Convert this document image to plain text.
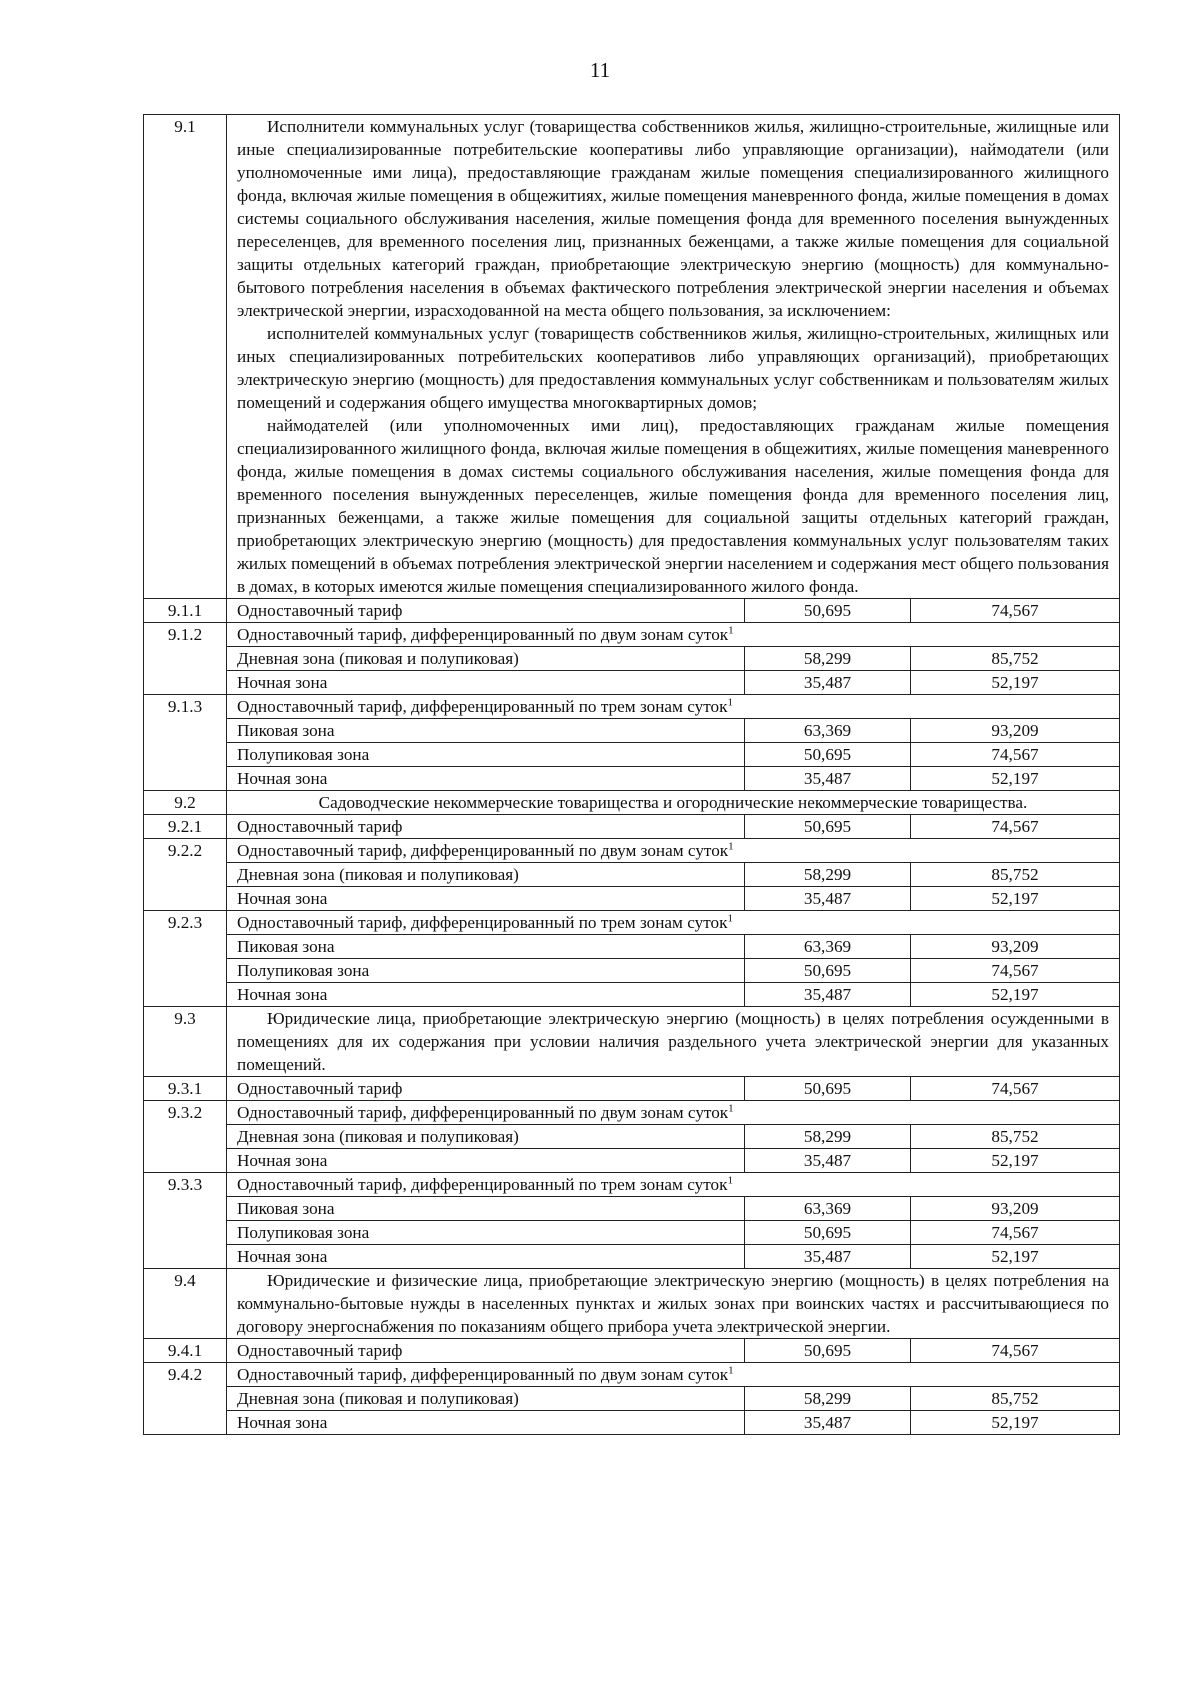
11
9.1	Исполнители коммунальных услуг (товарищества собственников жилья, жилищно-строительные, жилищные или иные специализированные потребительские кооперативы либо управляющие организации), наймодатели (или уполномоченные ими лица), предоставляющие гражданам жилые помещения специализированного жилищного фонда, включая жилые помещения в общежитиях, жилые помещения маневренного фонда, жилые помещения в домах системы социального обслуживания населения, жилые помещения фонда для временного поселения вынужденных переселенцев, для временного поселения лиц, признанных беженцами, а также жилые помещения для социальной защиты отдельных категорий граждан, приобретающие электрическую энергию (мощность) для коммунально-бытового потребления населения в объемах фактического потребления электрической энергии населения и объемах электрической энергии, израсходованной на места общего пользования, за исключением:

исполнителей коммунальных услуг (товариществ собственников жилья, жилищно-строительных, жилищных или иных специализированных потребительских кооперативов либо управляющих организаций), приобретающих электрическую энергию (мощность) для предоставления коммунальных услуг собственникам и пользователям жилых помещений и содержания общего имущества многоквартирных домов;

наймодателей (или уполномоченных ими лиц), предоставляющих гражданам жилые помещения специализированного жилищного фонда, включая жилые помещения в общежитиях, жилые помещения маневренного фонда, жилые помещения в домах системы социального обслуживания населения, жилые помещения фонда для временного поселения вынужденных переселенцев, жилые помещения фонда для временного поселения лиц, признанных беженцами, а также жилые помещения для социальной защиты отдельных категорий граждан, приобретающих электрическую энергию (мощность) для предоставления коммунальных услуг пользователям таких жилых помещений в объемах потребления электрической энергии населением и содержания мест общего пользования в домах, в которых имеются жилые помещения специализированного жилого фонда.		

9.1.1	Одноставочный тариф	50,695	74,567
9.1.2	Одноставочный тариф, дифференцированный по двум зонам суток$^1$
	Дневная зона (пиковая и полупиковая)	58,299	85,752
	Ночная зона	35,487	52,197
9.1.3	Одноставочный тариф, дифференцированный по трем зонам суток$^1$
	Пиковая зона	63,369	93,209
	Полупиковая зона	50,695	74,567
	Ночная зона	35,487	52,197
9.2	Садоводческие некоммерческие товарищества и огороднические некоммерческие товарищества.		

9.2.1	Одноставочный тариф	50,695	74,567
9.2.2	Одноставочный тариф, дифференцированный по двум зонам суток$^1$
	Дневная зона (пиковая и полупиковая)	58,299	85,752
	Ночная зона	35,487	52,197
9.2.3	Одноставочный тариф, дифференцированный по трем зонам суток$^1$
	Пиковая зона	63,369	93,209
	Полупиковая зона	50,695	74,567
	Ночная зона	35,487	52,197
9.3	Юридические лица, приобретающие электрическую энергию (мощность) в целях потребления осужденными в помещениях для их содержания при условии наличия раздельного учета электрической энергии для указанных помещений.		

9.3.1	Одноставочный тариф	50,695	74,567
9.3.2	Одноставочный тариф, дифференцированный по двум зонам суток$^1$
	Дневная зона (пиковая и полупиковая)	58,299	85,752
	Ночная зона	35,487	52,197
9.3.3	Одноставочный тариф, дифференцированный по трем зонам суток$^1$
	Пиковая зона	63,369	93,209
	Полупиковая зона	50,695	74,567
	Ночная зона	35,487	52,197
9.4	Юридические и физические лица, приобретающие электрическую энергию (мощность) в целях потребления на коммунально-бытовые нужды в населенных пунктах и жилых зонах при воинских частях и рассчитывающиеся по договору энергоснабжения по показаниям общего прибора учета электрической энергии.		

9.4.1	Одноставочный тариф	50,695	74,567
9.4.2	Одноставочный тариф, дифференцированный по двум зонам суток$^1$
	Дневная зона (пиковая и полупиковая)	58,299	85,752
	Ночная зона	35,487	52,197
